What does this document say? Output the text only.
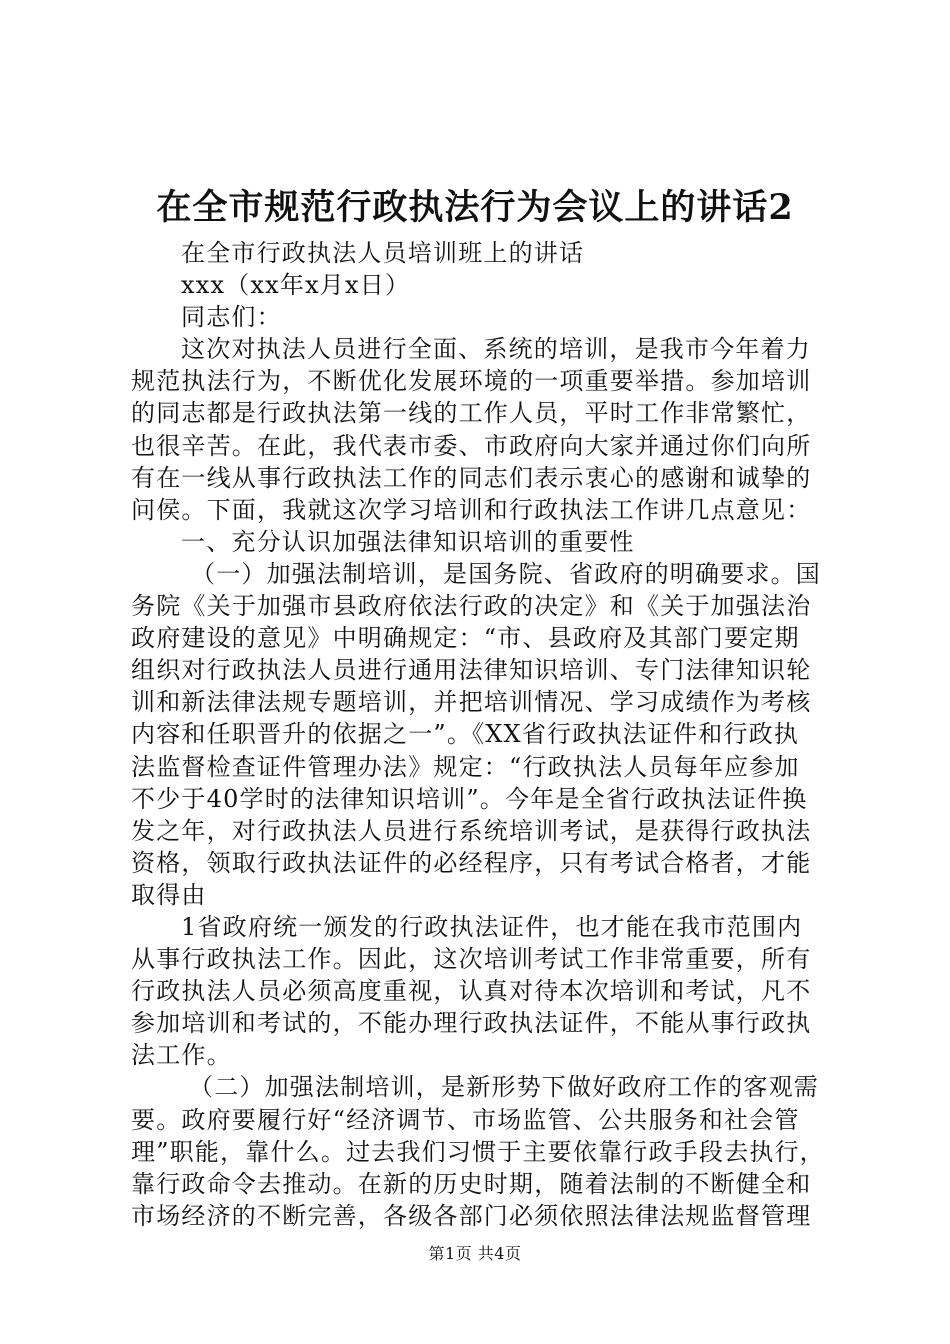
在全市规范行政执法行为会议上的讲话2
在全市行政执法人员培训班上的讲话
xxx（xx年x月x日）
同志们：
这次对执法人员进行全面、系统的培训，是我市今年着力
规范执法行为，不断优化发展环境的一项重要举措。参加培训
的同志都是行政执法第一线的工作人员，平时工作非常繁忙，
也很辛苦。在此，我代表市委、市政府向大家并通过你们向所
有在一线从事行政执法工作的同志们表示衷心的感谢和诚挚的
问侯。下面，我就这次学习培训和行政执法工作讲几点意见：
一、充分认识加强法律知识培训的重要性
（一）加强法制培训，是国务院、省政府的明确要求。国
务院《关于加强市县政府依法行政的决定》和《关于加强法治
政府建设的意见》中明确规定：“市、县政府及其部门要定期
组织对行政执法人员进行通用法律知识培训、专门法律知识轮
训和新法律法规专题培训，并把培训情况、学习成绩作为考核
内容和任职晋升的依据之一”。《XX省行政执法证件和行政执
法监督检查证件管理办法》规定：“行政执法人员每年应参加
不少于40学时的法律知识培训”。今年是全省行政执法证件换
发之年，对行政执法人员进行系统培训考试，是获得行政执法
资格，领取行政执法证件的必经程序，只有考试合格者，才能
取得由
1省政府统一颁发的行政执法证件，也才能在我市范围内
从事行政执法工作。因此，这次培训考试工作非常重要，所有
行政执法人员必须高度重视，认真对待本次培训和考试，凡不
参加培训和考试的，不能办理行政执法证件，不能从事行政执
法工作。
（二）加强法制培训，是新形势下做好政府工作的客观需
要。政府要履行好“经济调节、市场监管、公共服务和社会管
理”职能，靠什么。过去我们习惯于主要依靠行政手段去执行，
靠行政命令去推动。在新的历史时期，随着法制的不断健全和
市场经济的不断完善，各级各部门必须依照法律法规监督管理
第1页 共4页
